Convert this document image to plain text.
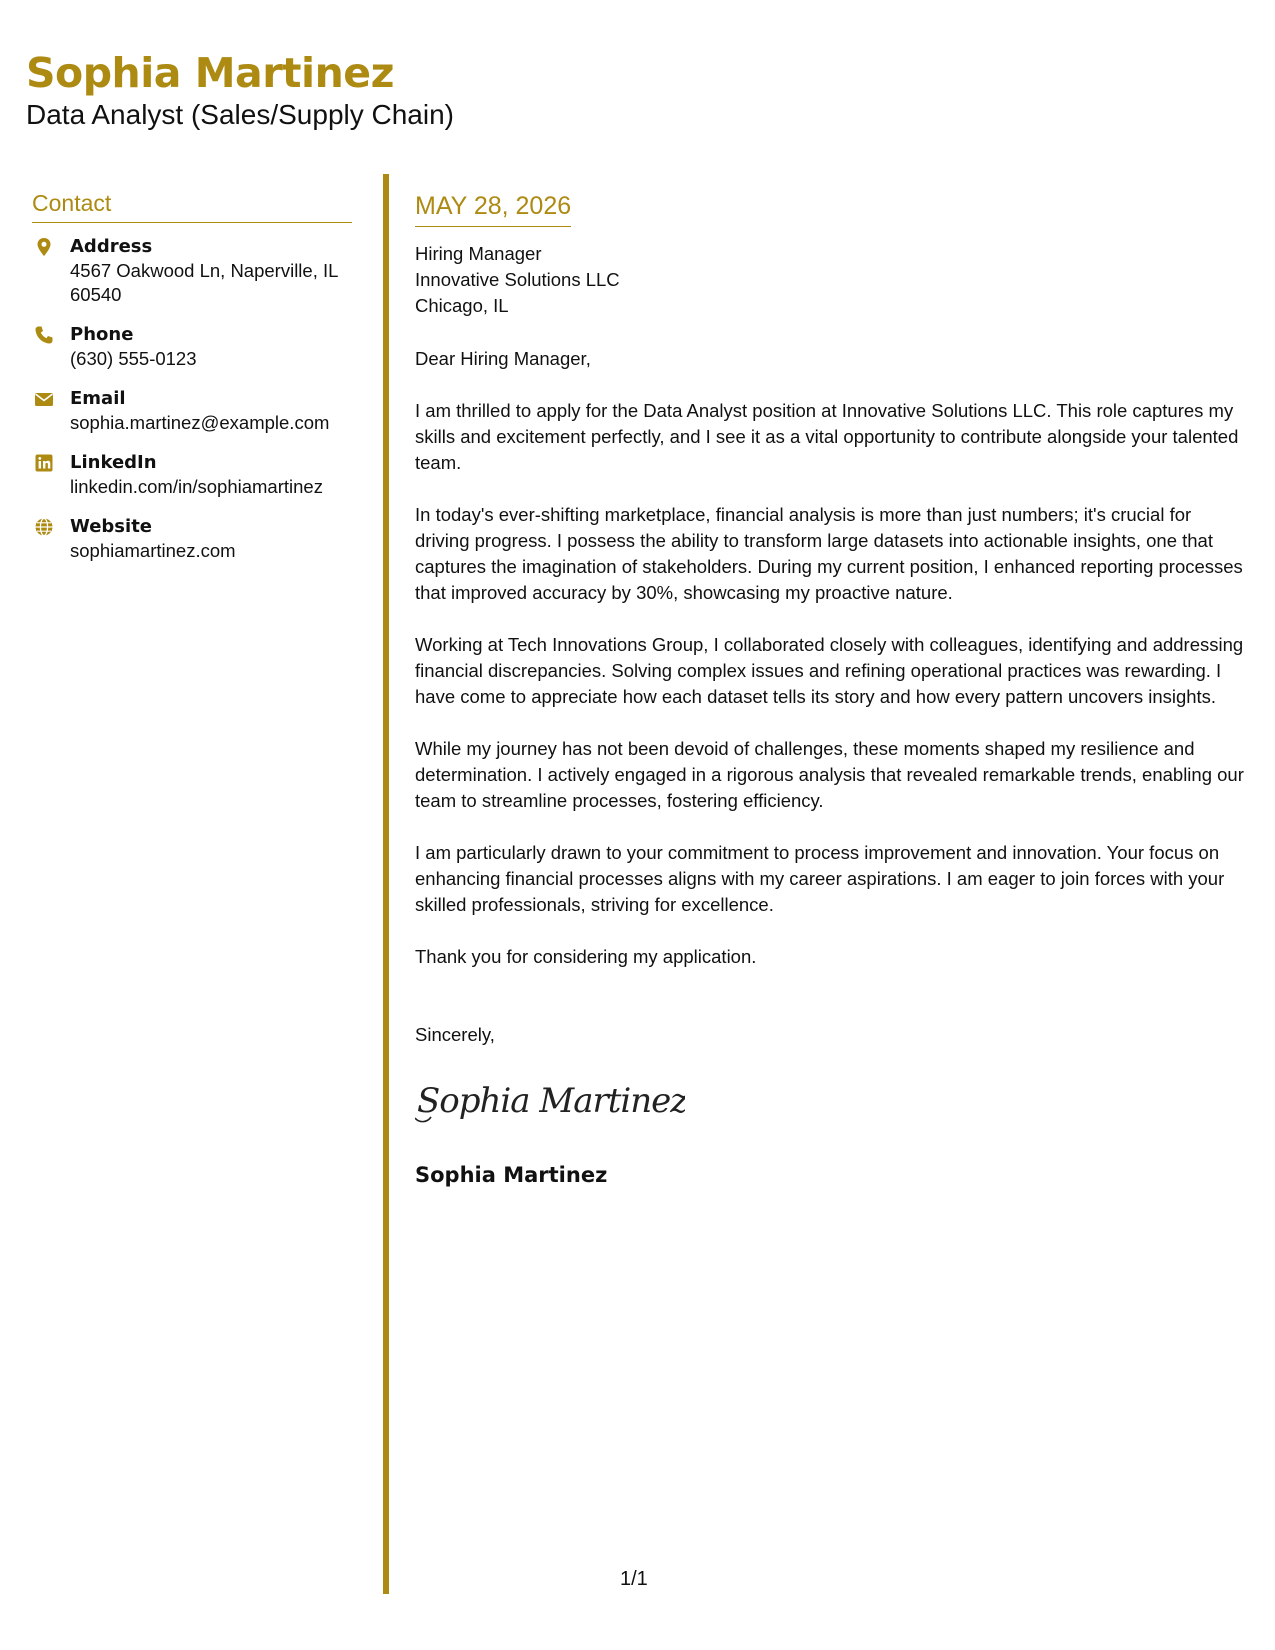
Sophia Martinez
Data Analyst (Sales/Supply Chain)
Contact
Address
4567 Oakwood Ln, Naperville, IL 60540
Phone
(630) 555-0123
Email
sophia.martinez@example.com
LinkedIn
linkedin.com/in/sophiamartinez
Website
sophiamartinez.com
MAY 28, 2026
Hiring Manager
Innovative Solutions LLC
Chicago, IL
Dear Hiring Manager,

I am thrilled to apply for the Data Analyst position at Innovative Solutions LLC. This role captures my skills and excitement perfectly, and I see it as a vital opportunity to contribute alongside your talented team.

In today's ever-shifting marketplace, financial analysis is more than just numbers; it's crucial for driving progress. I possess the ability to transform large datasets into actionable insights, one that captures the imagination of stakeholders. During my current position, I enhanced reporting processes that improved accuracy by 30%, showcasing my proactive nature.

Working at Tech Innovations Group, I collaborated closely with colleagues, identifying and addressing financial discrepancies. Solving complex issues and refining operational practices was rewarding. I have come to appreciate how each dataset tells its story and how every pattern uncovers insights.

While my journey has not been devoid of challenges, these moments shaped my resilience and determination. I actively engaged in a rigorous analysis that revealed remarkable trends, enabling our team to streamline processes, fostering efficiency.

I am particularly drawn to your commitment to process improvement and innovation. Your focus on enhancing financial processes aligns with my career aspirations. I am eager to join forces with your skilled professionals, striving for excellence.

Thank you for considering my application.

Sincerely,
Sophia Martinez
Sophia Martinez
1/1
